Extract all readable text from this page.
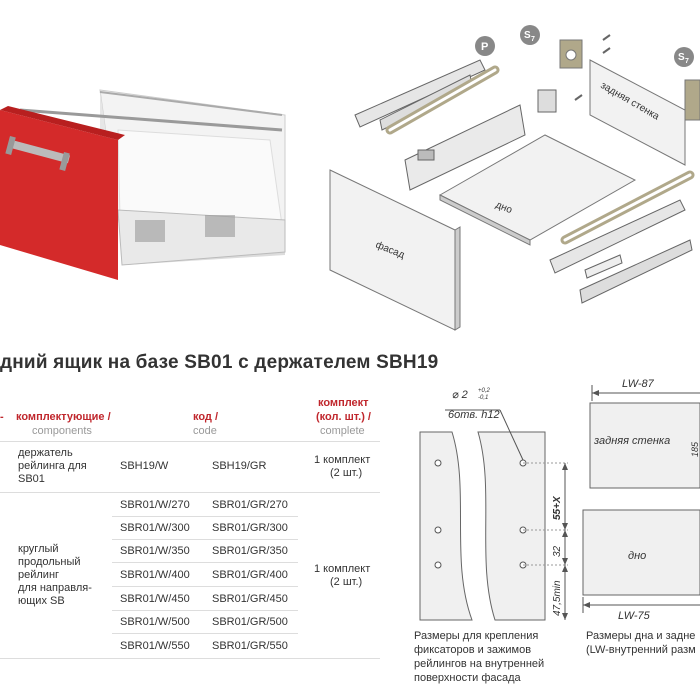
фасад
дно
задняя стенка
P
S 7
S 7
дний ящик на базе SB01 с держателем SBH19
- комплектующие /
components
код /
code
комплект
(кол. шт.) /
complete
держатель
рейлинга для
SB01
SBH19/W	SBH19/GR	1 комплект
(2 шт.)
круглый
продольный
рейлинг
для направля-
ющих SB
1 комплект
(2 шт.)
SBR01/W/270 SBR01/GR/270
SBR01/W/300 SBR01/GR/300
SBR01/W/350 SBR01/GR/350
SBR01/W/400 SBR01/GR/400
SBR01/W/450 SBR01/GR/450
SBR01/W/500 SBR01/GR/500
SBR01/W/550 SBR01/GR/550
⌀ 2 +0,2
-0,1
6отв. h12
55+X
32
47,5min
Размеры для крепления
фиксаторов и зажимов
рейлингов на внутренней
поверхности фасада
LW-87
задняя стенка
185
дно
LW-75
Размеры дна и задне
(LW-внутренний разм
